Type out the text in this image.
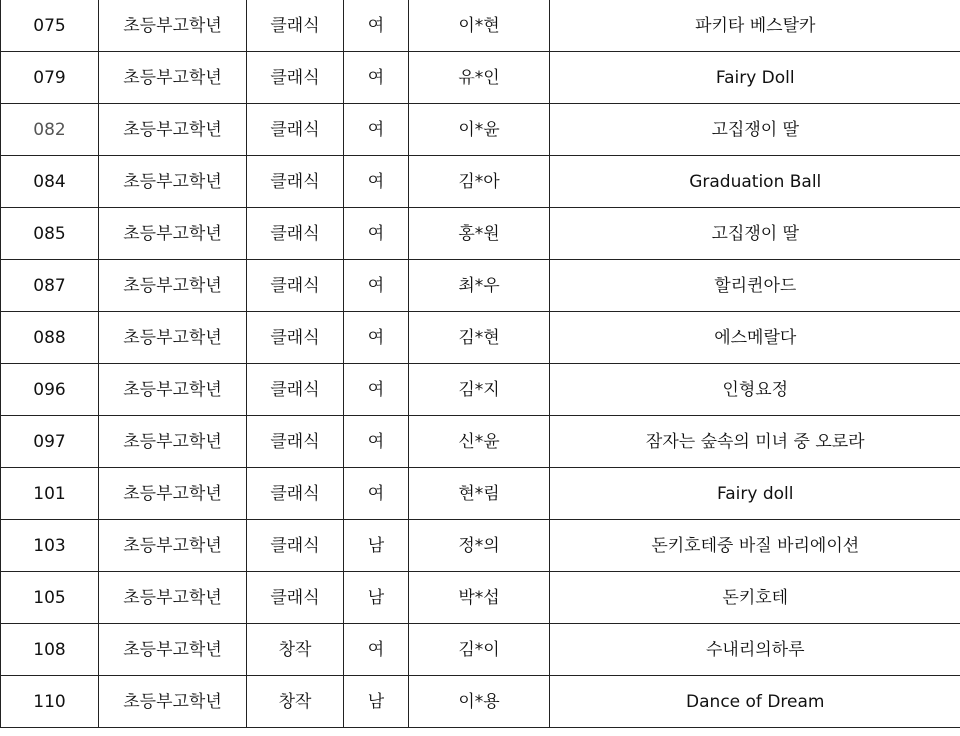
075	초등부고학년	클래식	여	이*현	파키타 베스탈카
079	초등부고학년	클래식	여	유*인	Fairy Doll
082	초등부고학년	클래식	여	이*윤	고집쟁이 딸
084	초등부고학년	클래식	여	김*아	Graduation Ball
085	초등부고학년	클래식	여	홍*원	고집쟁이 딸
087	초등부고학년	클래식	여	최*우	할리퀸아드
088	초등부고학년	클래식	여	김*현	에스메랄다
096	초등부고학년	클래식	여	김*지	인형요정
097	초등부고학년	클래식	여	신*윤	잠자는 숲속의 미녀 중 오로라
101	초등부고학년	클래식	여	현*림	Fairy doll
103	초등부고학년	클래식	남	정*의	돈키호테중 바질 바리에이션
105	초등부고학년	클래식	남	박*섭	돈키호테
108	초등부고학년	창작	여	김*이	수내리의하루
110	초등부고학년	창작	남	이*용	Dance of Dream
